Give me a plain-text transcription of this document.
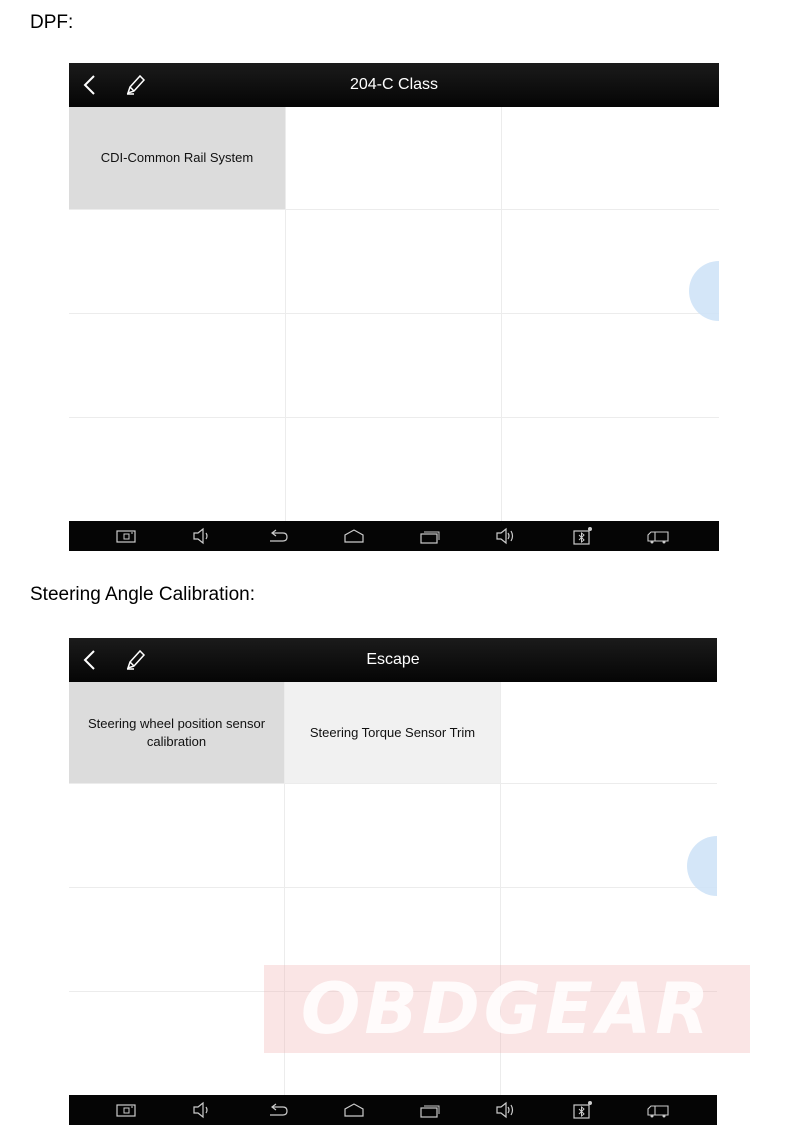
DPF:
204-C Class
CDI-Common Rail System
Steering Angle Calibration:
Escape
Steering wheel position sensor calibration
Steering Torque Sensor Trim
OBDGEAR
